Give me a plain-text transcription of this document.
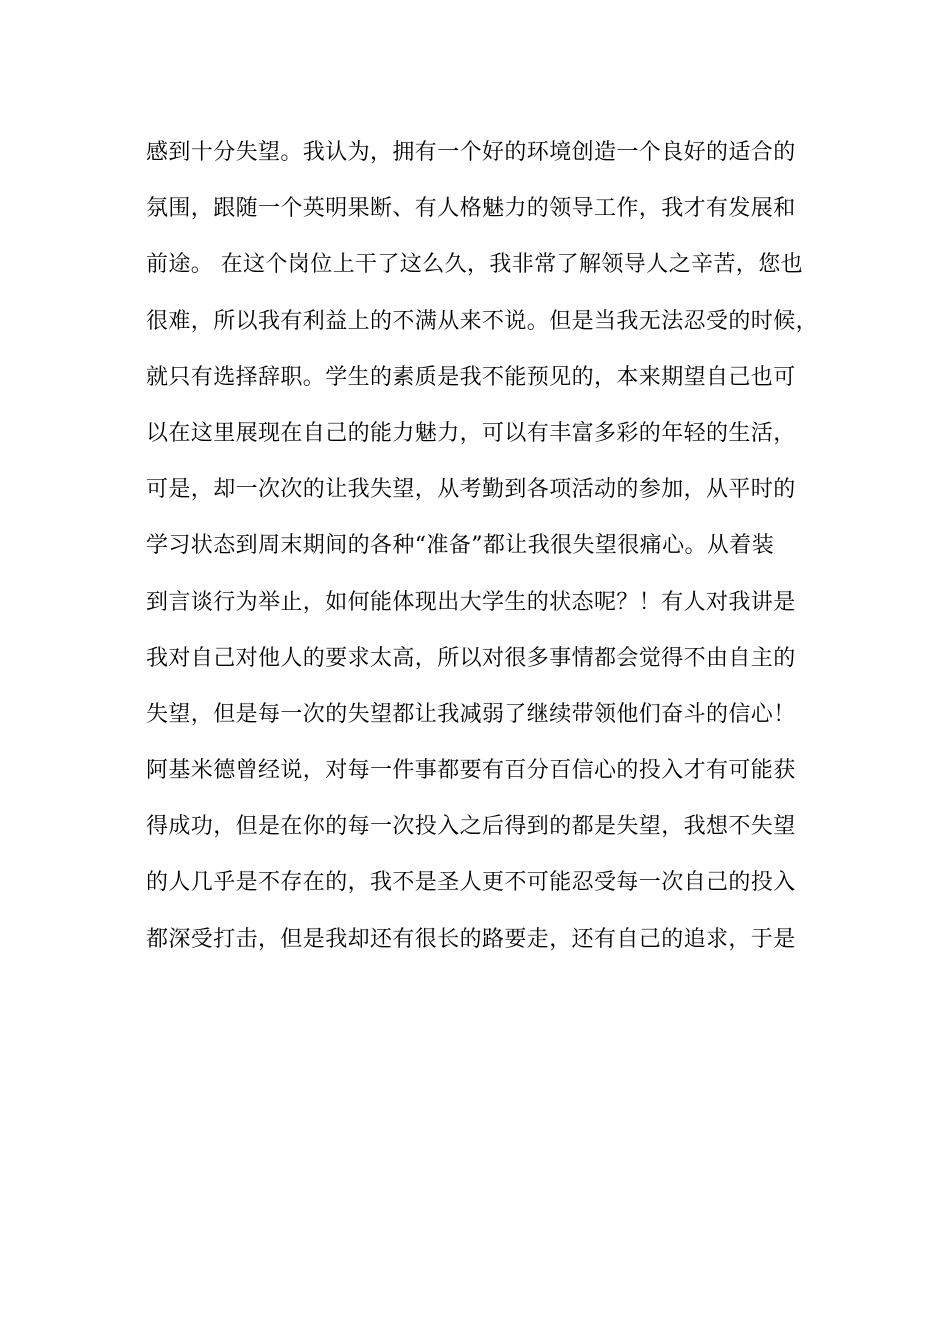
感到十分失望。我认为，拥有一个好的环境创造一个良好的适合的
氛围，跟随一个英明果断、有人格魅力的领导工作，我才有发展和
前途。 在这个岗位上干了这么久，我非常了解领导人之辛苦，您也
很难，所以我有利益上的不满从来不说。但是当我无法忍受的时候，
就只有选择辞职。学生的素质是我不能预见的，本来期望自己也可
以在这里展现在自己的能力魅力，可以有丰富多彩的年轻的生活，
可是，却一次次的让我失望，从考勤到各项活动的参加，从平时的
学习状态到周末期间的各种“准备”都让我很失望很痛心。从着装
到言谈行为举止，如何能体现出大学生的状态呢？！有人对我讲是
我对自己对他人的要求太高，所以对很多事情都会觉得不由自主的
失望，但是每一次的失望都让我减弱了继续带领他们奋斗的信心！
阿基米德曾经说，对每一件事都要有百分百信心的投入才有可能获
得成功，但是在你的每一次投入之后得到的都是失望，我想不失望
的人几乎是不存在的，我不是圣人更不可能忍受每一次自己的投入
都深受打击，但是我却还有很长的路要走，还有自己的追求，于是
